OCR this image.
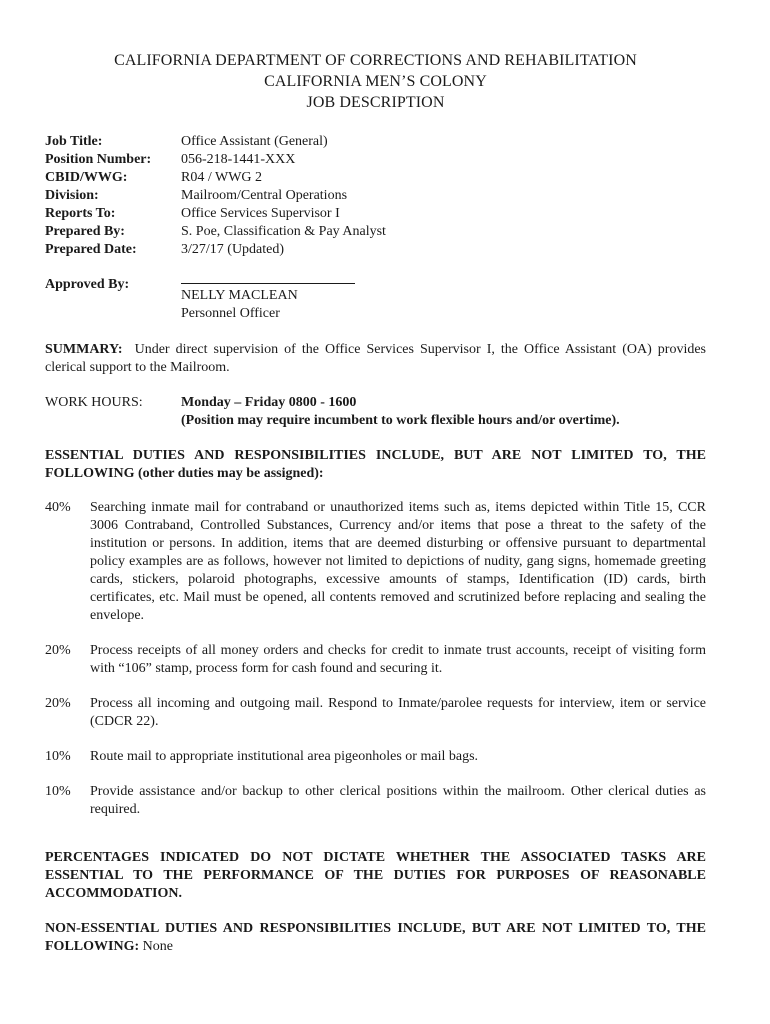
CALIFORNIA DEPARTMENT OF CORRECTIONS AND REHABILITATION
CALIFORNIA MEN’S COLONY
JOB DESCRIPTION
Job Title:	Office Assistant (General)
Position Number:	056-218-1441-XXX
CBID/WWG:	R04 / WWG 2
Division:	Mailroom/Central Operations
Reports To:	Office Services Supervisor I
Prepared By:	S. Poe, Classification & Pay Analyst
Prepared Date:	3/27/17 (Updated)
Approved By:
NELLY MACLEAN
Personnel Officer
SUMMARY: Under direct supervision of the Office Services Supervisor I, the Office Assistant (OA) provides clerical support to the Mailroom.
WORK HOURS:	Monday – Friday 0800 - 1600
(Position may require incumbent to work flexible hours and/or overtime).
ESSENTIAL DUTIES AND RESPONSIBILITIES INCLUDE, BUT ARE NOT LIMITED TO, THE FOLLOWING (other duties may be assigned):
40%	Searching inmate mail for contraband or unauthorized items such as, items depicted within Title 15, CCR 3006 Contraband, Controlled Substances, Currency and/or items that pose a threat to the safety of the institution or persons. In addition, items that are deemed disturbing or offensive pursuant to departmental policy examples are as follows, however not limited to depictions of nudity, gang signs, homemade greeting cards, stickers, polaroid photographs, excessive amounts of stamps, Identification (ID) cards, birth certificates, etc. Mail must be opened, all contents removed and scrutinized before replacing and sealing the envelope.
20%	Process receipts of all money orders and checks for credit to inmate trust accounts, receipt of visiting form with “106” stamp, process form for cash found and securing it.
20%	Process all incoming and outgoing mail. Respond to Inmate/parolee requests for interview, item or service (CDCR 22).
10%	Route mail to appropriate institutional area pigeonholes or mail bags.
10%	Provide assistance and/or backup to other clerical positions within the mailroom. Other clerical duties as required.
PERCENTAGES INDICATED DO NOT DICTATE WHETHER THE ASSOCIATED TASKS ARE ESSENTIAL TO THE PERFORMANCE OF THE DUTIES FOR PURPOSES OF REASONABLE ACCOMMODATION.
NON-ESSENTIAL DUTIES AND RESPONSIBILITIES INCLUDE, BUT ARE NOT LIMITED TO, THE FOLLOWING: None
